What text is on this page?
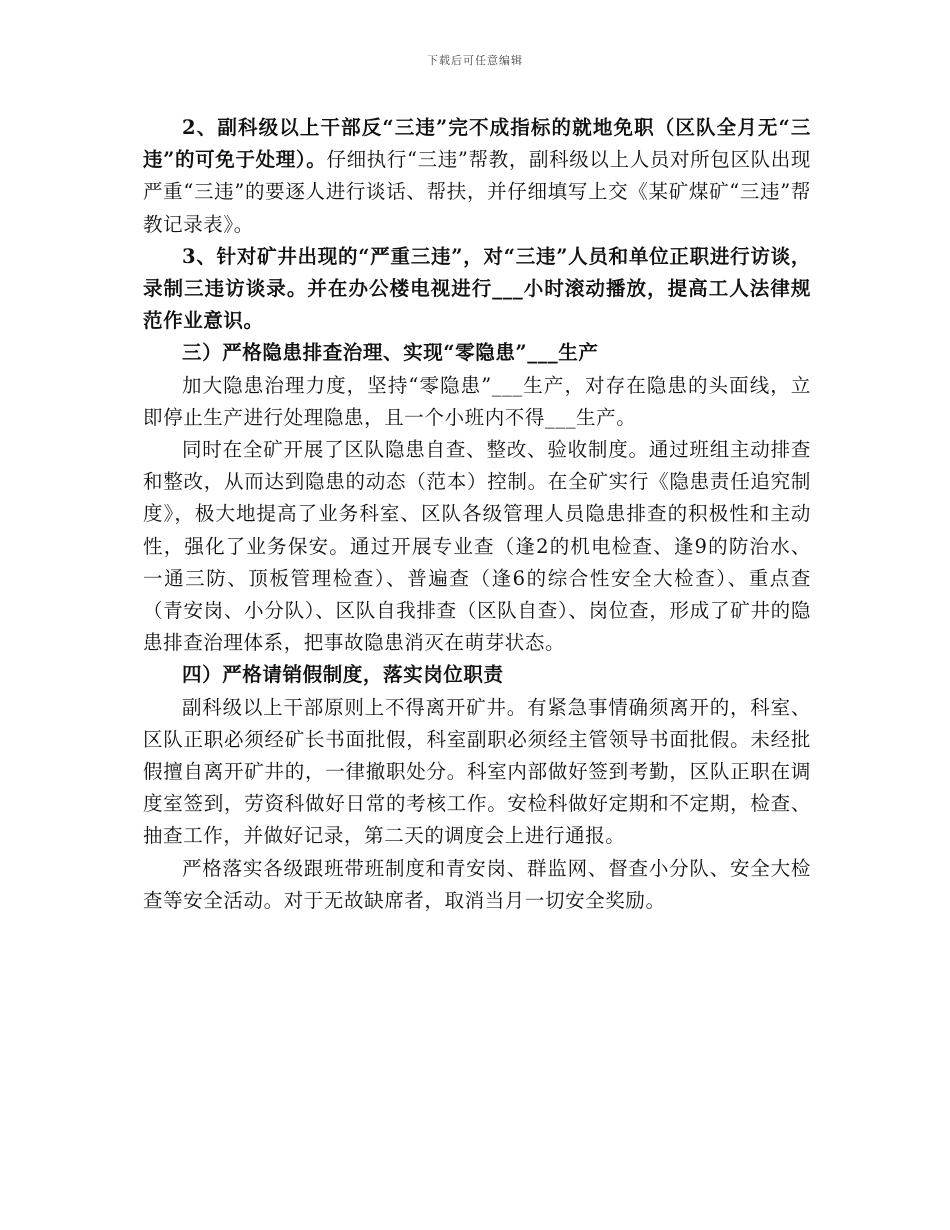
下载后可任意编辑

2、副科级以上干部反“三违”完不成指标的就地免职（区队全月无“三违”的可免于处理）。仔细执行“三违”帮教，副科级以上人员对所包区队出现严重“三违”的要逐人进行谈话、帮扶，并仔细填写上交《某矿煤矿“三违”帮教记录表》。

3、针对矿井出现的“严重三违”，对“三违”人员和单位正职进行访谈，录制三违访谈录。并在办公楼电视进行___小时滚动播放，提高工人法律规范作业意识。

三）严格隐患排查治理、实现“零隐患”___生产

加大隐患治理力度，坚持“零隐患”___生产，对存在隐患的头面线，立即停止生产进行处理隐患，且一个小班内不得___生产。

同时在全矿开展了区队隐患自查、整改、验收制度。通过班组主动排查和整改，从而达到隐患的动态（范本）控制。在全矿实行《隐患责任追究制度》，极大地提高了业务科室、区队各级管理人员隐患排查的积极性和主动性，强化了业务保安。通过开展专业查（逢2的机电检查、逢9的防治水、一通三防、顶板管理检查）、普遍查（逢6的综合性安全大检查）、重点查（青安岗、小分队）、区队自我排查（区队自查）、岗位查，形成了矿井的隐患排查治理体系，把事故隐患消灭在萌芽状态。

四）严格请销假制度，落实岗位职责

副科级以上干部原则上不得离开矿井。有紧急事情确须离开的，科室、区队正职必须经矿长书面批假，科室副职必须经主管领导书面批假。未经批假擅自离开矿井的，一律撤职处分。科室内部做好签到考勤，区队正职在调度室签到，劳资科做好日常的考核工作。安检科做好定期和不定期，检查、抽查工作，并做好记录，第二天的调度会上进行通报。

严格落实各级跟班带班制度和青安岗、群监网、督查小分队、安全大检查等安全活动。对于无故缺席者，取消当月一切安全奖励。
